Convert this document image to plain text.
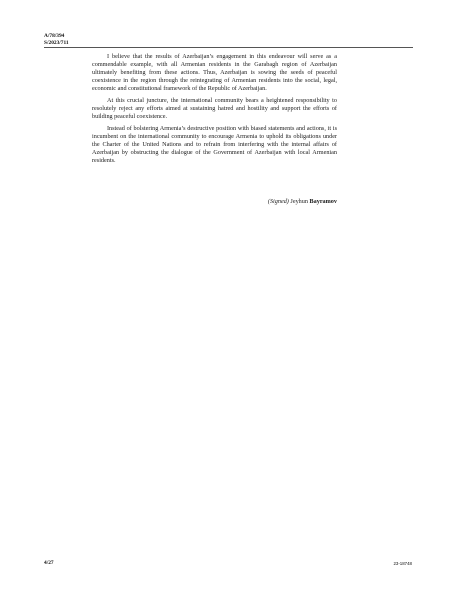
A/78/394
S/2023/711

I believe that the results of Azerbaijan’s engagement in this endeavour will serve as a commendable example, with all Armenian residents in the Garabagh region of Azerbaijan ultimately benefiting from these actions. Thus, Azerbaijan is sowing the seeds of peaceful coexistence in the region through the reintegrating of Armenian residents into the social, legal, economic and constitutional framework of the Republic of Azerbaijan.

At this crucial juncture, the international community bears a heightened responsibility to resolutely reject any efforts aimed at sustaining hatred and hostility and support the efforts of building peaceful coexistence.

Instead of bolstering Armenia’s destructive position with biased statements and actions, it is incumbent on the international community to encourage Armenia to uphold its obligations under the Charter of the United Nations and to refrain from interfering with the internal affairs of Azerbaijan by obstructing the dialogue of the Government of Azerbaijan with local Armenian residents.

(Signed) Jeyhun Bayramov
4/27	23-18748
